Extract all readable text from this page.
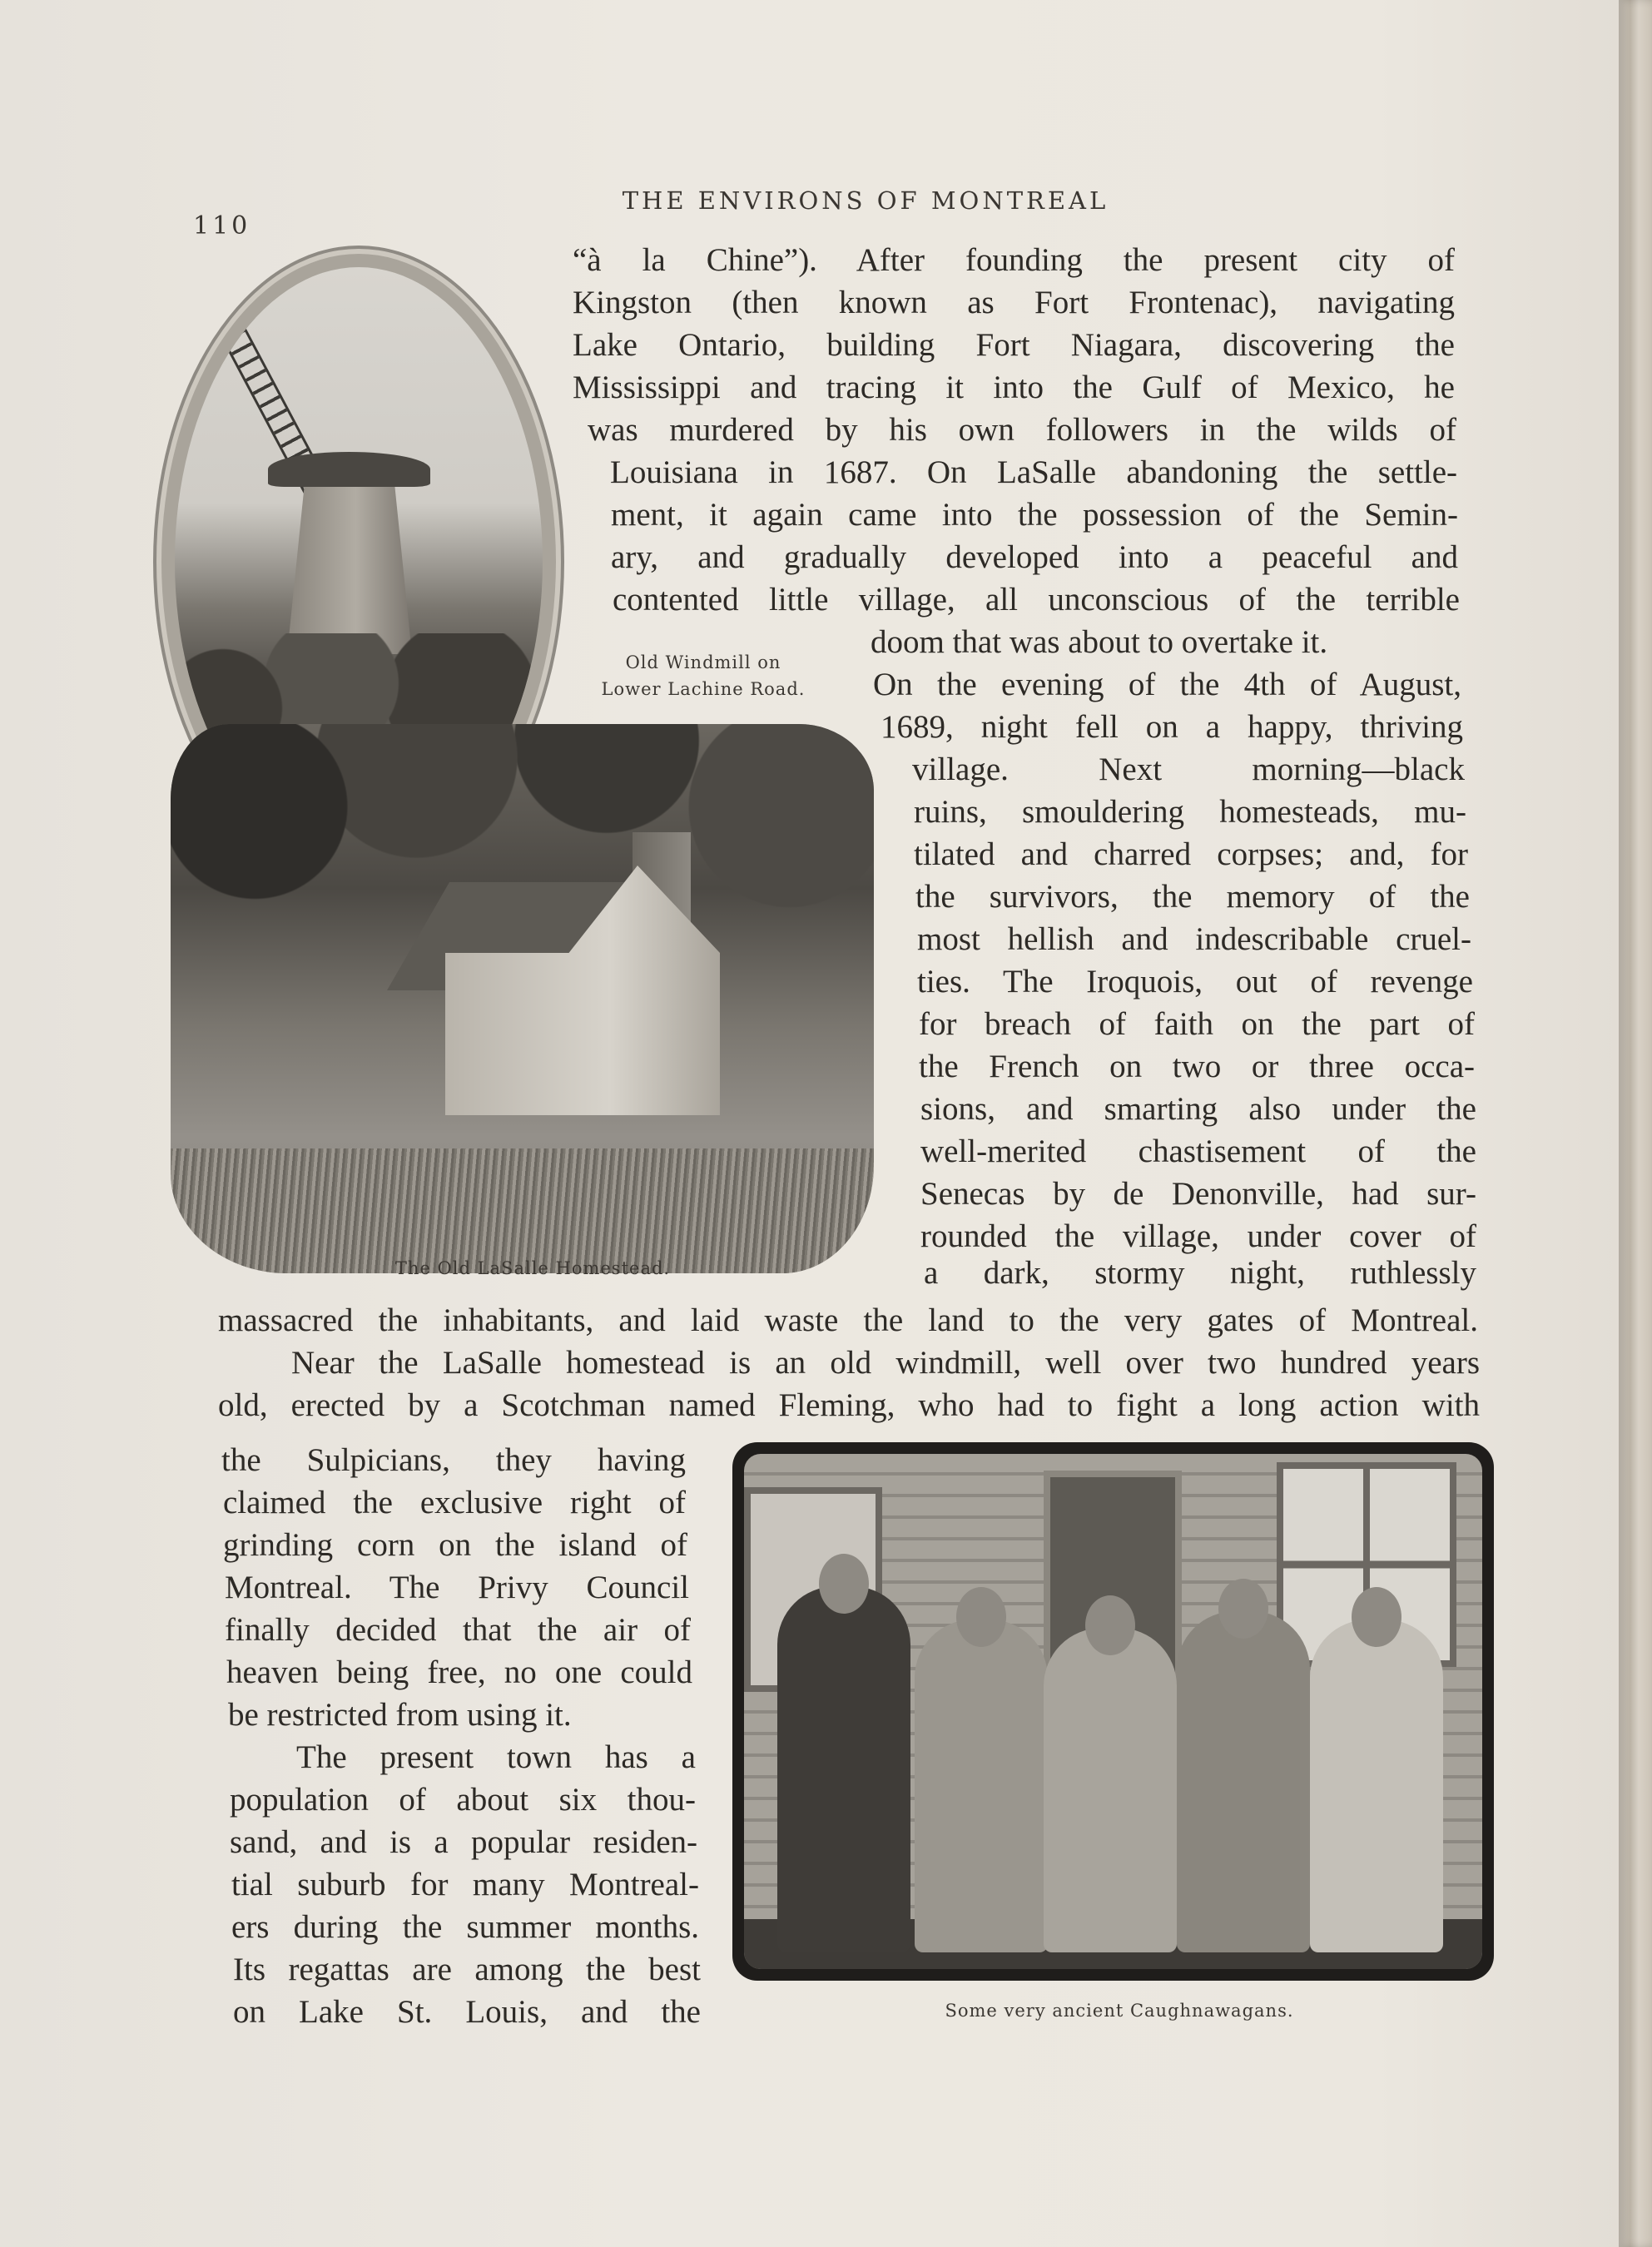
THE ENVIRONS OF MONTREAL
110
Old Windmill on
Lower Lachine Road.
The Old LaSalle Homestead.
Some very ancient Caughnawagans.
“à la Chine”). After founding the present city of
Kingston (then known as Fort Frontenac), navigating
Lake Ontario, building Fort Niagara, discovering the
Mississippi and tracing it into the Gulf of Mexico, he
was murdered by his own followers in the wilds of
Louisiana in 1687. On LaSalle abandoning the settle-
ment, it again came into the possession of the Semin-
ary, and gradually developed into a peaceful and
contented little village, all unconscious of the terrible
doom that was about to overtake it.
On the evening of the 4th of August,
1689, night fell on a happy, thriving
village. Next morning—black
ruins, smouldering homesteads, mu-
tilated and charred corpses; and, for
the survivors, the memory of the
most hellish and indescribable cruel-
ties. The Iroquois, out of revenge
for breach of faith on the part of
the French on two or three occa-
sions, and smarting also under the
well-merited chastisement of the
Senecas by de Denonville, had sur-
rounded the village, under cover of
a dark, stormy night, ruthlessly
massacred the inhabitants, and laid waste the land to the very gates of Montreal.
Near the LaSalle homestead is an old windmill, well over two hundred years
old, erected by a Scotchman named Fleming, who had to fight a long action with
the Sulpicians, they having
claimed the exclusive right of
grinding corn on the island of
Montreal. The Privy Council
finally decided that the air of
heaven being free, no one could
be restricted from using it.
The present town has a
population of about six thou-
sand, and is a popular residen-
tial suburb for many Montreal-
ers during the summer months.
Its regattas are among the best
on Lake St. Louis, and the
